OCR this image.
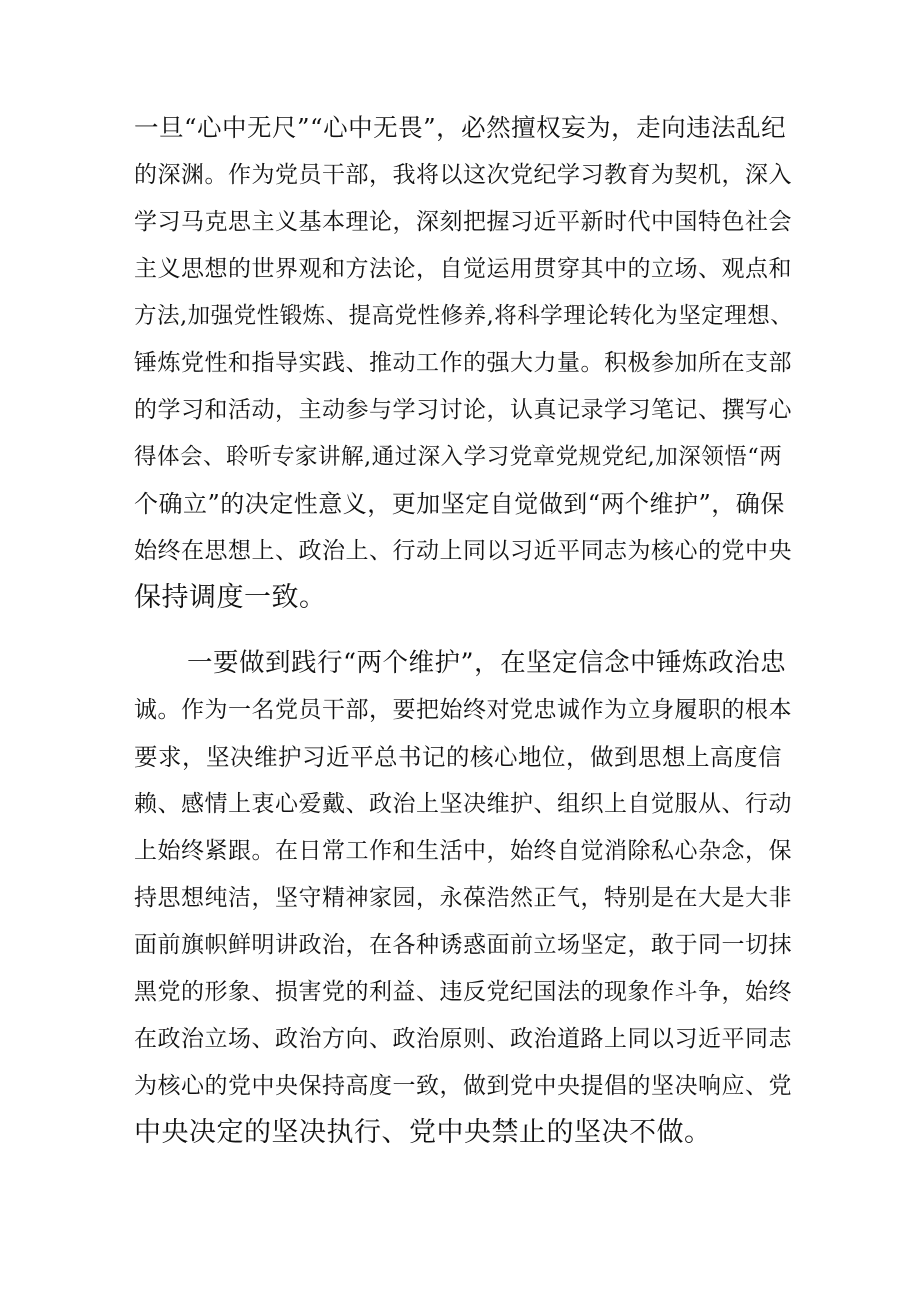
一旦“心中无尺”“心中无畏”，必然擅权妄为，走向违法乱纪
的深渊。作为党员干部，我将以这次党纪学习教育为契机，深入
学习马克思主义基本理论，深刻把握习近平新时代中国特色社会
主义思想的世界观和方法论，自觉运用贯穿其中的立场、观点和
方法,加强党性锻炼、提高党性修养,将科学理论转化为坚定理想、
锤炼党性和指导实践、推动工作的强大力量。积极参加所在支部
的学习和活动，主动参与学习讨论，认真记录学习笔记、撰写心
得体会、聆听专家讲解,通过深入学习党章党规党纪,加深领悟“两
个确立”的决定性意义，更加坚定自觉做到“两个维护”，确保
始终在思想上、政治上、行动上同以习近平同志为核心的党中央
保持调度一致。
一要做到践行“两个维护”，在坚定信念中锤炼政治忠
诚。作为一名党员干部，要把始终对党忠诚作为立身履职的根本
要求，坚决维护习近平总书记的核心地位，做到思想上高度信
赖、感情上衷心爱戴、政治上坚决维护、组织上自觉服从、行动
上始终紧跟。在日常工作和生活中，始终自觉消除私心杂念，保
持思想纯洁，坚守精神家园，永葆浩然正气，特别是在大是大非
面前旗帜鲜明讲政治，在各种诱惑面前立场坚定，敢于同一切抹
黑党的形象、损害党的利益、违反党纪国法的现象作斗争，始终
在政治立场、政治方向、政治原则、政治道路上同以习近平同志
为核心的党中央保持高度一致，做到党中央提倡的坚决响应、党
中央决定的坚决执行、党中央禁止的坚决不做。
